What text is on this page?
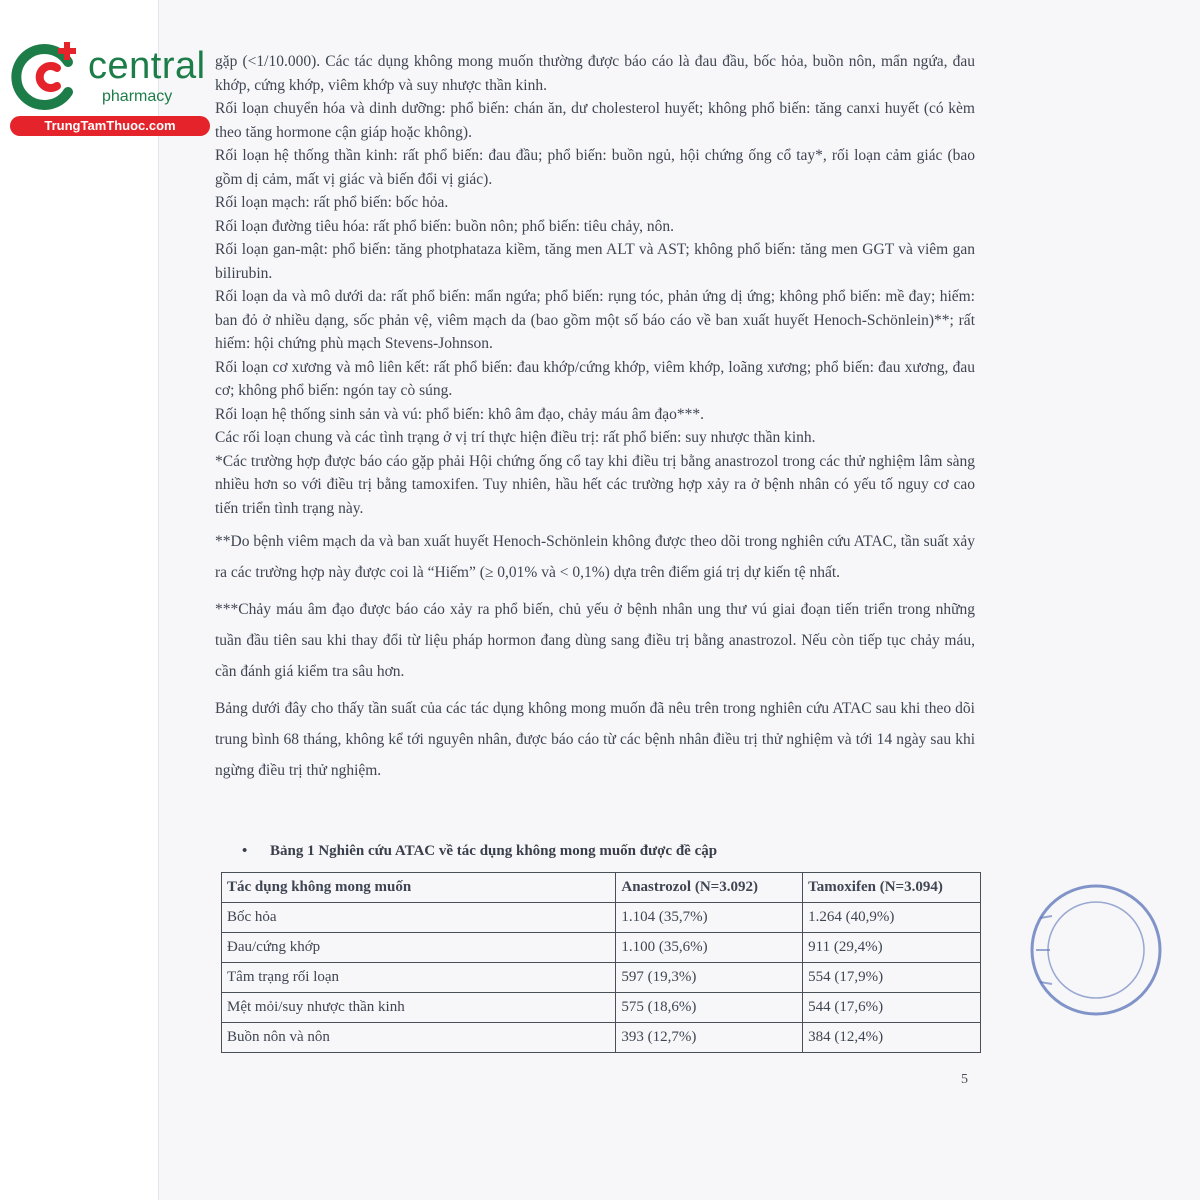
central
pharmacy
TrungTamThuoc.com

gặp (<1/10.000). Các tác dụng không mong muốn thường được báo cáo là đau đầu, bốc hỏa, buồn nôn, mẩn ngứa, đau khớp, cứng khớp, viêm khớp và suy nhược thần kinh.

Rối loạn chuyển hóa và dinh dưỡng: phổ biến: chán ăn, dư cholesterol huyết; không phổ biến: tăng canxi huyết (có kèm theo tăng hormone cận giáp hoặc không).

Rối loạn hệ thống thần kinh: rất phổ biến: đau đầu; phổ biến: buồn ngủ, hội chứng ống cổ tay*, rối loạn cảm giác (bao gồm dị cảm, mất vị giác và biến đổi vị giác).

Rối loạn mạch: rất phổ biến: bốc hỏa.

Rối loạn đường tiêu hóa: rất phổ biến: buồn nôn; phổ biến: tiêu chảy, nôn.

Rối loạn gan-mật: phổ biến: tăng photphataza kiềm, tăng men ALT và AST; không phổ biến: tăng men GGT và viêm gan bilirubin.

Rối loạn da và mô dưới da: rất phổ biến: mẩn ngứa; phổ biến: rụng tóc, phản ứng dị ứng; không phổ biến: mề đay; hiếm: ban đỏ ở nhiều dạng, sốc phản vệ, viêm mạch da (bao gồm một số báo cáo về ban xuất huyết Henoch-Schönlein)**; rất hiếm: hội chứng phù mạch Stevens-Johnson.

Rối loạn cơ xương và mô liên kết: rất phổ biến: đau khớp/cứng khớp, viêm khớp, loãng xương; phổ biến: đau xương, đau cơ; không phổ biến: ngón tay cò súng.

Rối loạn hệ thống sinh sản và vú: phổ biến: khô âm đạo, chảy máu âm đạo***.

Các rối loạn chung và các tình trạng ở vị trí thực hiện điều trị: rất phổ biến: suy nhược thần kinh.

*Các trường hợp được báo cáo gặp phải Hội chứng ống cổ tay khi điều trị bằng anastrozol trong các thử nghiệm lâm sàng nhiều hơn so với điều trị bằng tamoxifen. Tuy nhiên, hầu hết các trường hợp xảy ra ở bệnh nhân có yếu tố nguy cơ cao tiến triển tình trạng này.

**Do bệnh viêm mạch da và ban xuất huyết Henoch-Schönlein không được theo dõi trong nghiên cứu ATAC, tần suất xảy ra các trường hợp này được coi là “Hiếm” (≥ 0,01% và < 0,1%) dựa trên điểm giá trị dự kiến tệ nhất.

***Chảy máu âm đạo được báo cáo xảy ra phổ biến, chủ yếu ở bệnh nhân ung thư vú giai đoạn tiến triển trong những tuần đầu tiên sau khi thay đổi từ liệu pháp hormon đang dùng sang điều trị bằng anastrozol. Nếu còn tiếp tục chảy máu, cần đánh giá kiểm tra sâu hơn.

Bảng dưới đây cho thấy tần suất của các tác dụng không mong muốn đã nêu trên trong nghiên cứu ATAC sau khi theo dõi trung bình 68 tháng, không kể tới nguyên nhân, được báo cáo từ các bệnh nhân điều trị thử nghiệm và tới 14 ngày sau khi ngừng điều trị thử nghiệm.

• Bảng 1 Nghiên cứu ATAC về tác dụng không mong muốn được đề cập
Tác dụng không mong muốn	Anastrozol (N=3.092)	Tamoxifen (N=3.094)
Bốc hỏa	1.104 (35,7%)	1.264 (40,9%)
Đau/cứng khớp	1.100 (35,6%)	911 (29,4%)
Tâm trạng rối loạn	597 (19,3%)	554 (17,9%)
Mệt mỏi/suy nhược thần kinh	575 (18,6%)	544 (17,6%)
Buồn nôn và nôn	393 (12,7%)	384 (12,4%)
5
